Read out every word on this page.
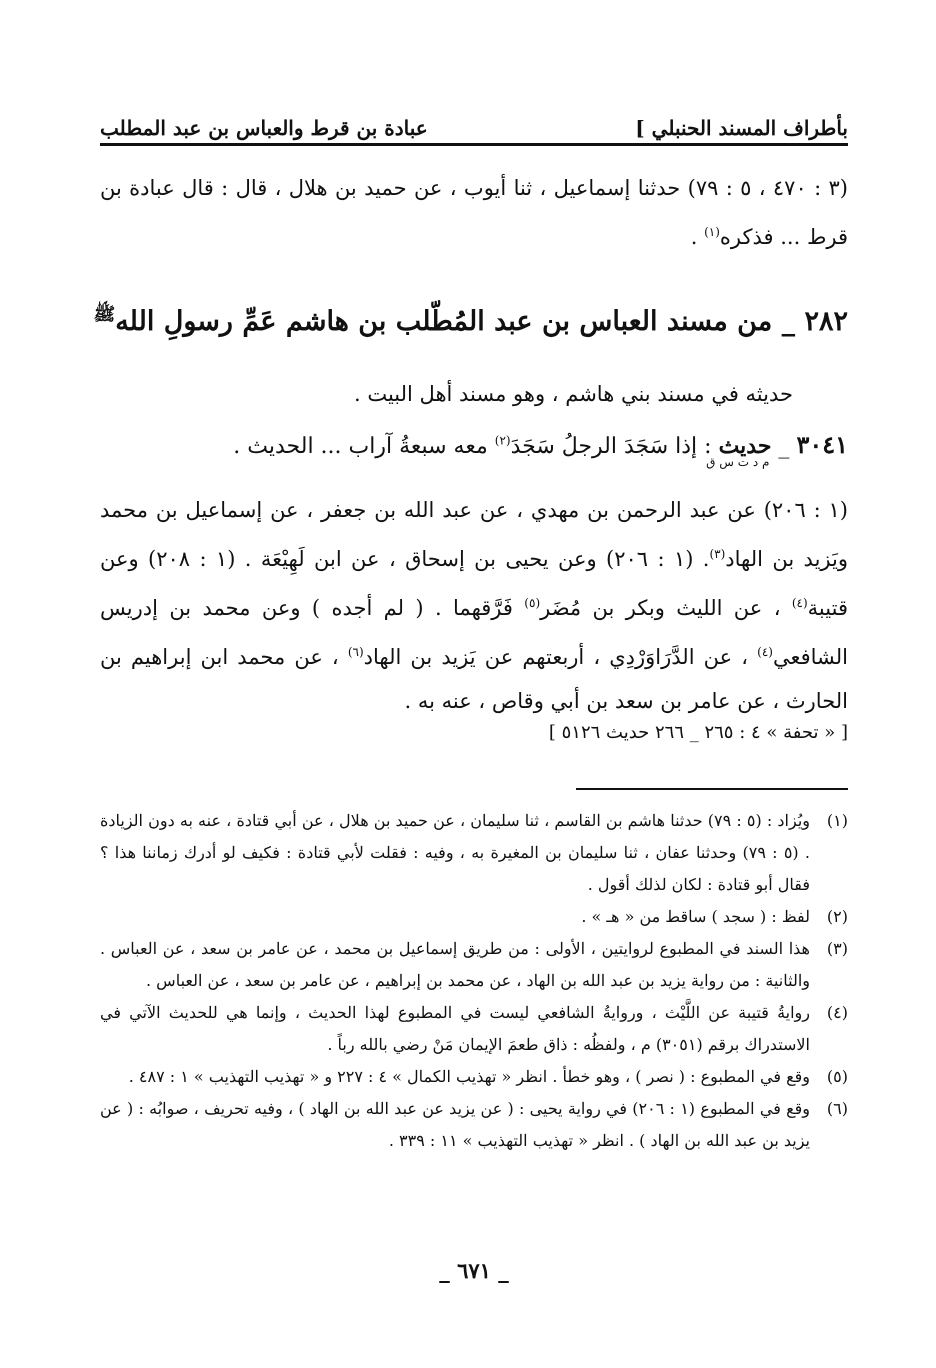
بأطراف المسند الحنبلي ]
عبادة بن قرط والعباس بن عبد المطلب
(٣ : ٤٧٠ ، ٥ : ٧٩) حدثنا إسماعيل ، ثنا أيوب ، عن حميد بن هلال ، قال : قال عبادة بن قرط ... فذكره$^{(١)}$ .
٢٨٢ _ من مسند العباس بن عبد المُطّلب بن هاشم عَمِّ رسولِ الله$^ﷺ$
حديثه في مسند بني هاشم ، وهو مسند أهل البيت .
٣٠٤١ _ حديث
م د ت س ق
: إذا سَجَدَ الرجلُ سَجَدَ$^{(٢)}$ معه سبعةُ آراب ... الحديث .

(١ : ٢٠٦) عن عبد الرحمن بن مهدي ، عن عبد الله بن جعفر ، عن إسماعيل بن محمد ويَزيد بن الهاد$^{(٣)}$. (١ : ٢٠٦) وعن يحيى بن إسحاق ، عن ابن لَهِيْعَة . (١ : ٢٠٨) وعن قتيبة$^{(٤)}$ ، عن الليث وبكر بن مُضَر$^{(٥)}$ فَرَّقهما . ( لم أجده ) وعن محمد بن إدريس الشافعي$^{(٤)}$ ، عن الدَّرَاوَرْدِي ، أربعتهم عن يَزيد بن الهاد$^{(٦)}$ ، عن محمد ابن إبراهيم بن الحارث ، عن عامر بن سعد بن أبي وقاص ، عنه به .

[ « تحفة » ٤ : ٢٦٥ _ ٢٦٦ حديث ٥١٢٦ ]
(١)
ويُزاد : (٥ : ٧٩) حدثنا هاشم بن القاسم ، ثنا سليمان ، عن حميد بن هلال ، عن أبي قتادة ، عنه به دون الزيادة . (٥ : ٧٩) وحدثنا عفان ، ثنا سليمان بن المغيرة به ، وفيه : فقلت لأبي قتادة : فكيف لو أدرك زماننا هذا ؟ فقال أبو قتادة : لكان لذلك أقول .
(٢)
لفظ : ( سجد ) ساقط من « هـ » .
(٣)
هذا السند في المطبوع لروايتين ، الأولى : من طريق إسماعيل بن محمد ، عن عامر بن سعد ، عن العباس . والثانية : من رواية يزيد بن عبد الله بن الهاد ، عن محمد بن إبراهيم ، عن عامر بن سعد ، عن العباس .
(٤)
روايةُ قتيبة عن اللَّيْث ، وروايةُ الشافعي ليست في المطبوع لهذا الحديث ، وإنما هي للحديث الآتي في الاستدراك برقم (٣٠٥١) م ، ولفظُه : ذاق طعمَ الإيمان مَنْ رضي بالله رباً .
(٥)
وقع في المطبوع : ( نصر ) ، وهو خطأ . انظر « تهذيب الكمال » ٤ : ٢٢٧ و « تهذيب التهذيب » ١ : ٤٨٧ .
(٦)
وقع في المطبوع (١ : ٢٠٦) في رواية يحيى : ( عن يزيد عن عبد الله بن الهاد ) ، وفيه تحريف ، صوابُه : ( عن يزيد بن عبد الله بن الهاد ) . انظر « تهذيب التهذيب » ١١ : ٣٣٩ .
_ ٦٧١ _
